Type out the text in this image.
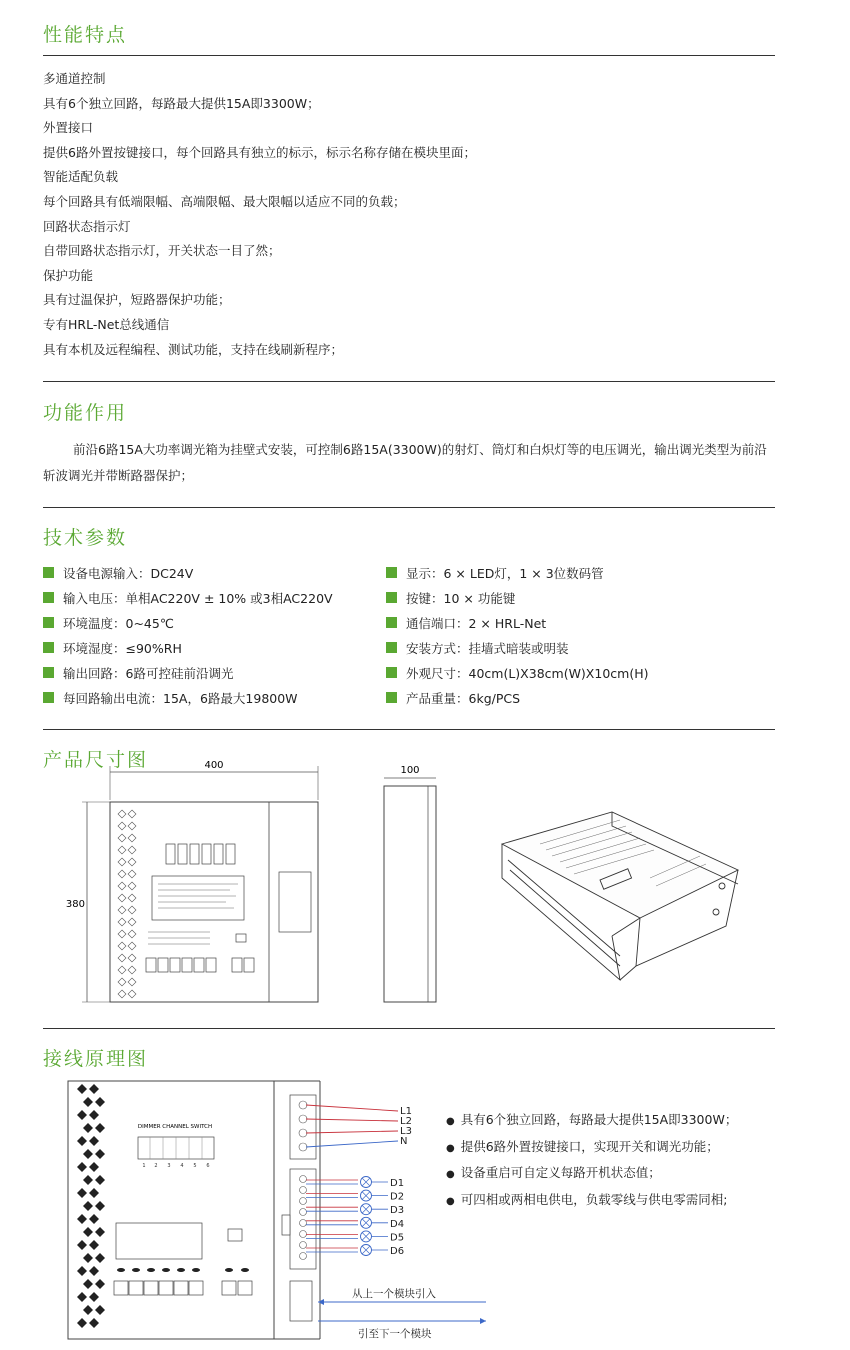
性能特点
多通道控制
具有6个独立回路，每路最大提供15A即3300W；
外置接口
提供6路外置按键接口，每个回路具有独立的标示，标示名称存储在模块里面；
智能适配负载
每个回路具有低端限幅、高端限幅、最大限幅以适应不同的负载；
回路状态指示灯
自带回路状态指示灯，开关状态一目了然；
保护功能
具有过温保护，短路器保护功能；
专有HRL-Net总线通信
具有本机及远程编程、测试功能，支持在线刷新程序；
功能作用
前沿6路15A大功率调光箱为挂壁式安装，可控制6路15A(3300W)的射灯、筒灯和白炽灯等的电压调光，输出调光类型为前沿斩波调光并带断路器保护；
技术参数
设备电源输入：DC24V
输入电压：单相AC220V ± 10% 或3相AC220V
环境温度：0~45℃
环境湿度：≤90%RH
输出回路：6路可控硅前沿调光
每回路输出电流：15A，6路最大19800W
显示：6 × LED灯，1 × 3位数码管
按键：10 × 功能键
通信端口：2 × HRL-Net
安装方式：挂墙式暗装或明装
外观尺寸：40cm(L)X38cm(W)X10cm(H)
产品重量：6kg/PCS
产品尺寸图	400
380
100
接线原理图
DIMMER CHANNEL SWITCH
1 2 3 4 5 6
L1
L2
L3
N
D1
D2
D3
D4
D5
D6
从上一个模块引入
引至下一个模块
● 具有6个独立回路，每路最大提供15A即3300W；
● 提供6路外置按键接口，实现开关和调光功能；
● 设备重启可自定义每路开机状态值；
● 可四相或两相电供电，负载零线与供电零需同相;
